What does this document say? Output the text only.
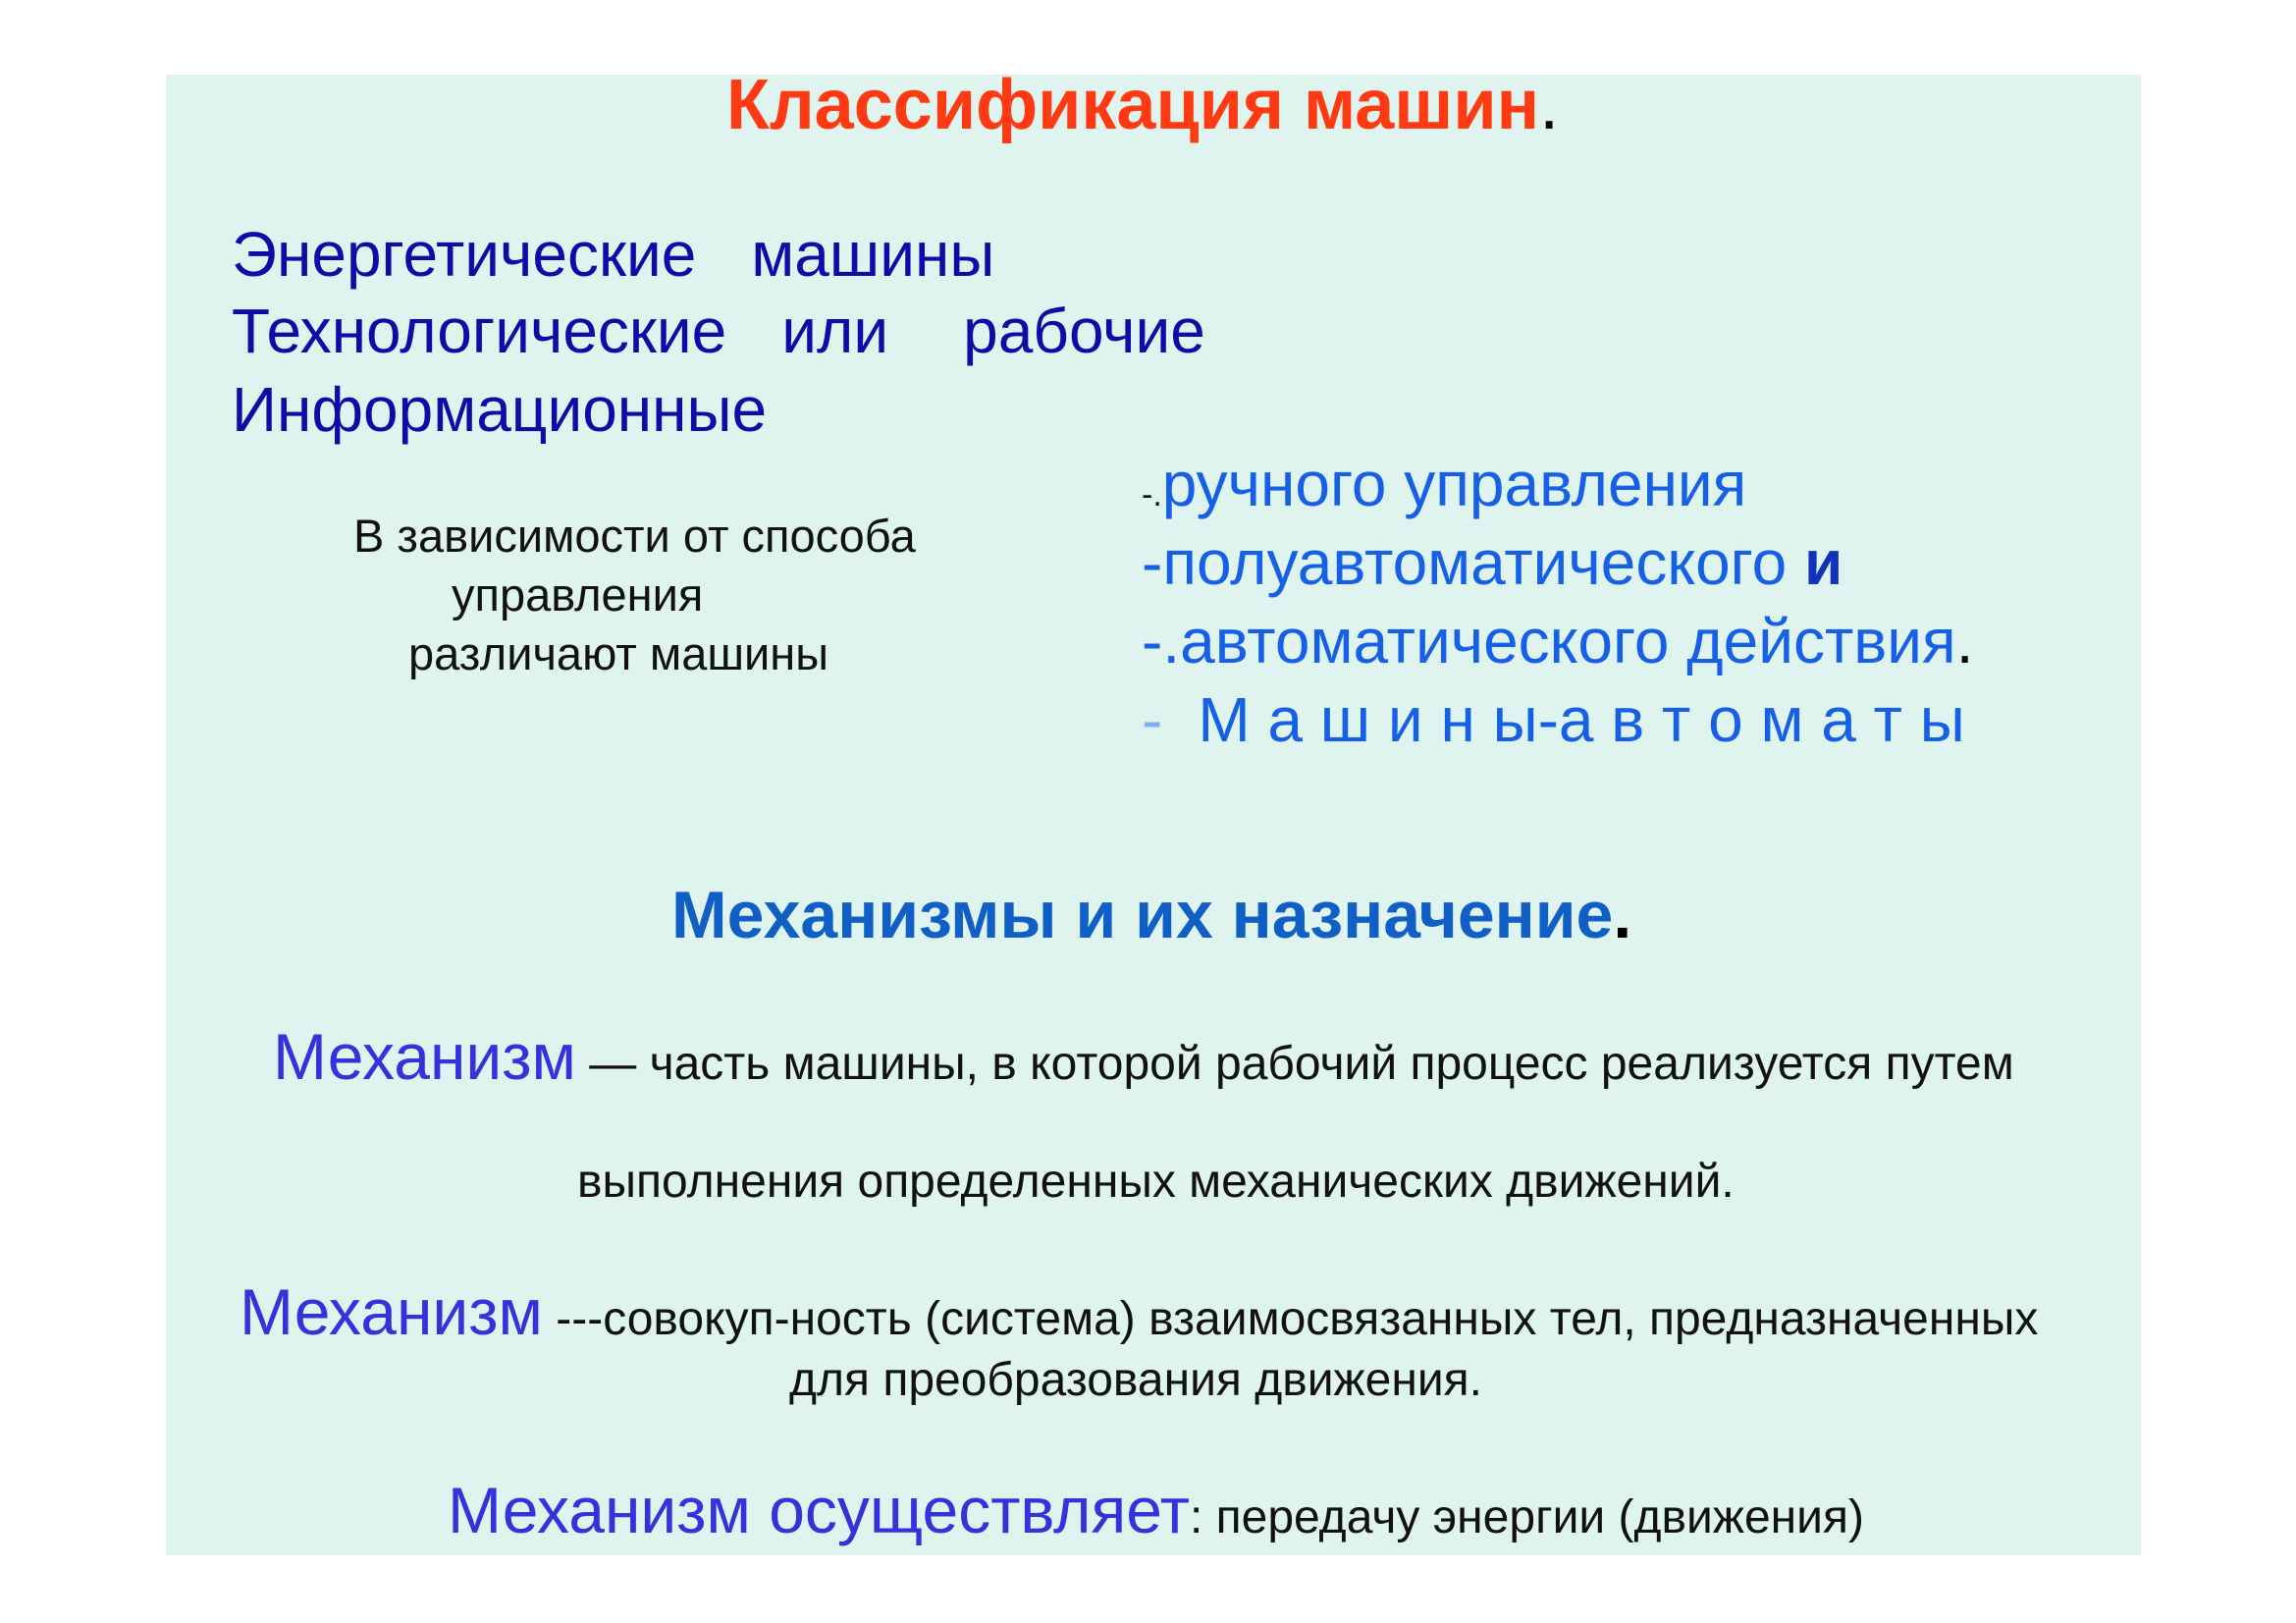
Классификация машин.
Энергетические машины
Технологические или рабочие
Информационные
В зависимости от способа
управления
различают машины
-.ручного управления
-полуавтоматического и
-.автоматического действия.
- М а ш и н ы-а в т о м а т ы
Механизмы и их назначение.
Механизм — часть машины, в которой рабочий процесс реализуется путем
выполнения определенных механических движений.
Механизм ---совокуп-ность (система) взаимосвязанных тел, предназначенных
для преобразования движения.
Механизм осуществляет: передачу энергии (движения)
